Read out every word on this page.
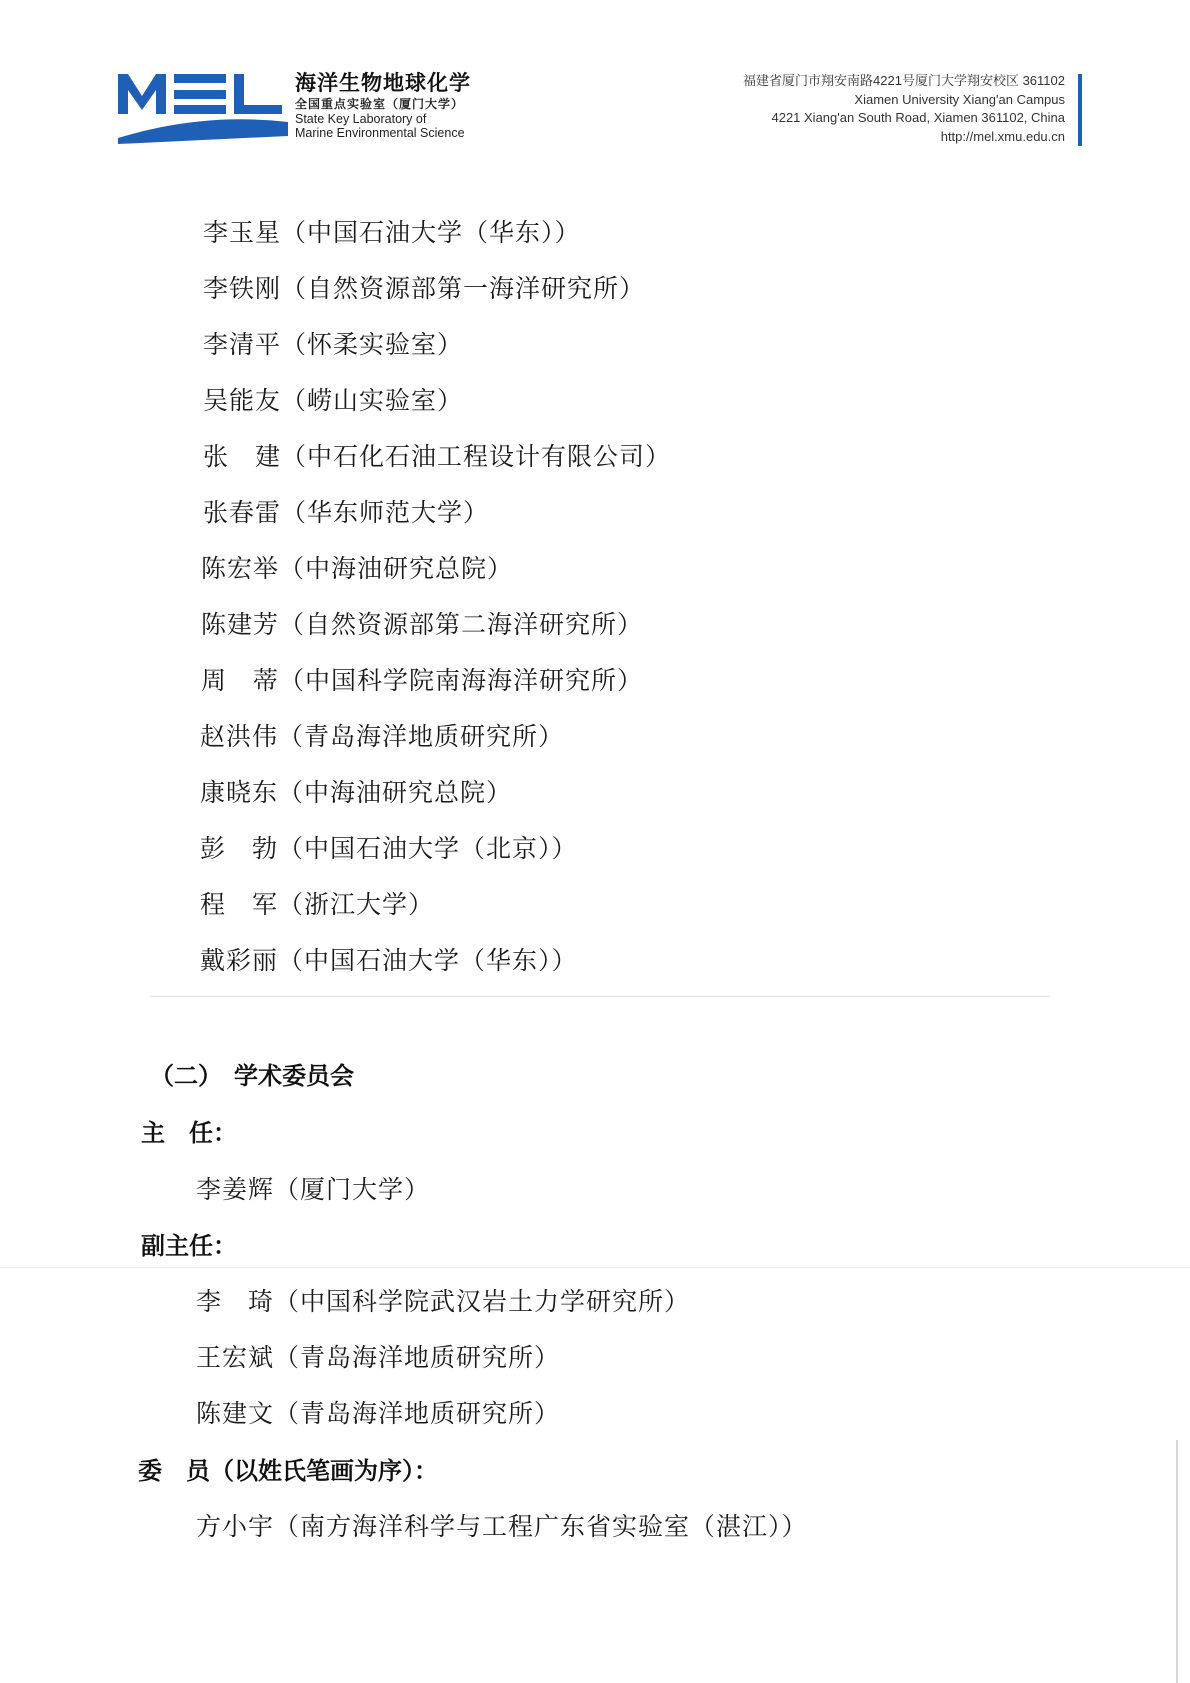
海洋生物地球化学
全国重点实验室（厦门大学）
State Key Laboratory of
Marine Environmental Science
福建省厦门市翔安南路4221号厦门大学翔安校区 361102
Xiamen University Xiang'an Campus
4221 Xiang'an South Road, Xiamen 361102, China
http://mel.xmu.edu.cn
李玉星（中国石油大学（华东））
李铁刚（自然资源部第一海洋研究所）
李清平（怀柔实验室）
吴能友（崂山实验室）
张　建（中石化石油工程设计有限公司）
张春雷（华东师范大学）
陈宏举（中海油研究总院）
陈建芳（自然资源部第二海洋研究所）
周　蒂（中国科学院南海海洋研究所）
赵洪伟（青岛海洋地质研究所）
康晓东（中海油研究总院）
彭　勃（中国石油大学（北京））
程　军（浙江大学）
戴彩丽（中国石油大学（华东））
（二） 学术委员会
主　任：
李姜辉（厦门大学）
副主任：
李　琦（中国科学院武汉岩土力学研究所）
王宏斌（青岛海洋地质研究所）
陈建文（青岛海洋地质研究所）
委　员（以姓氏笔画为序）：
方小宇（南方海洋科学与工程广东省实验室（湛江））
